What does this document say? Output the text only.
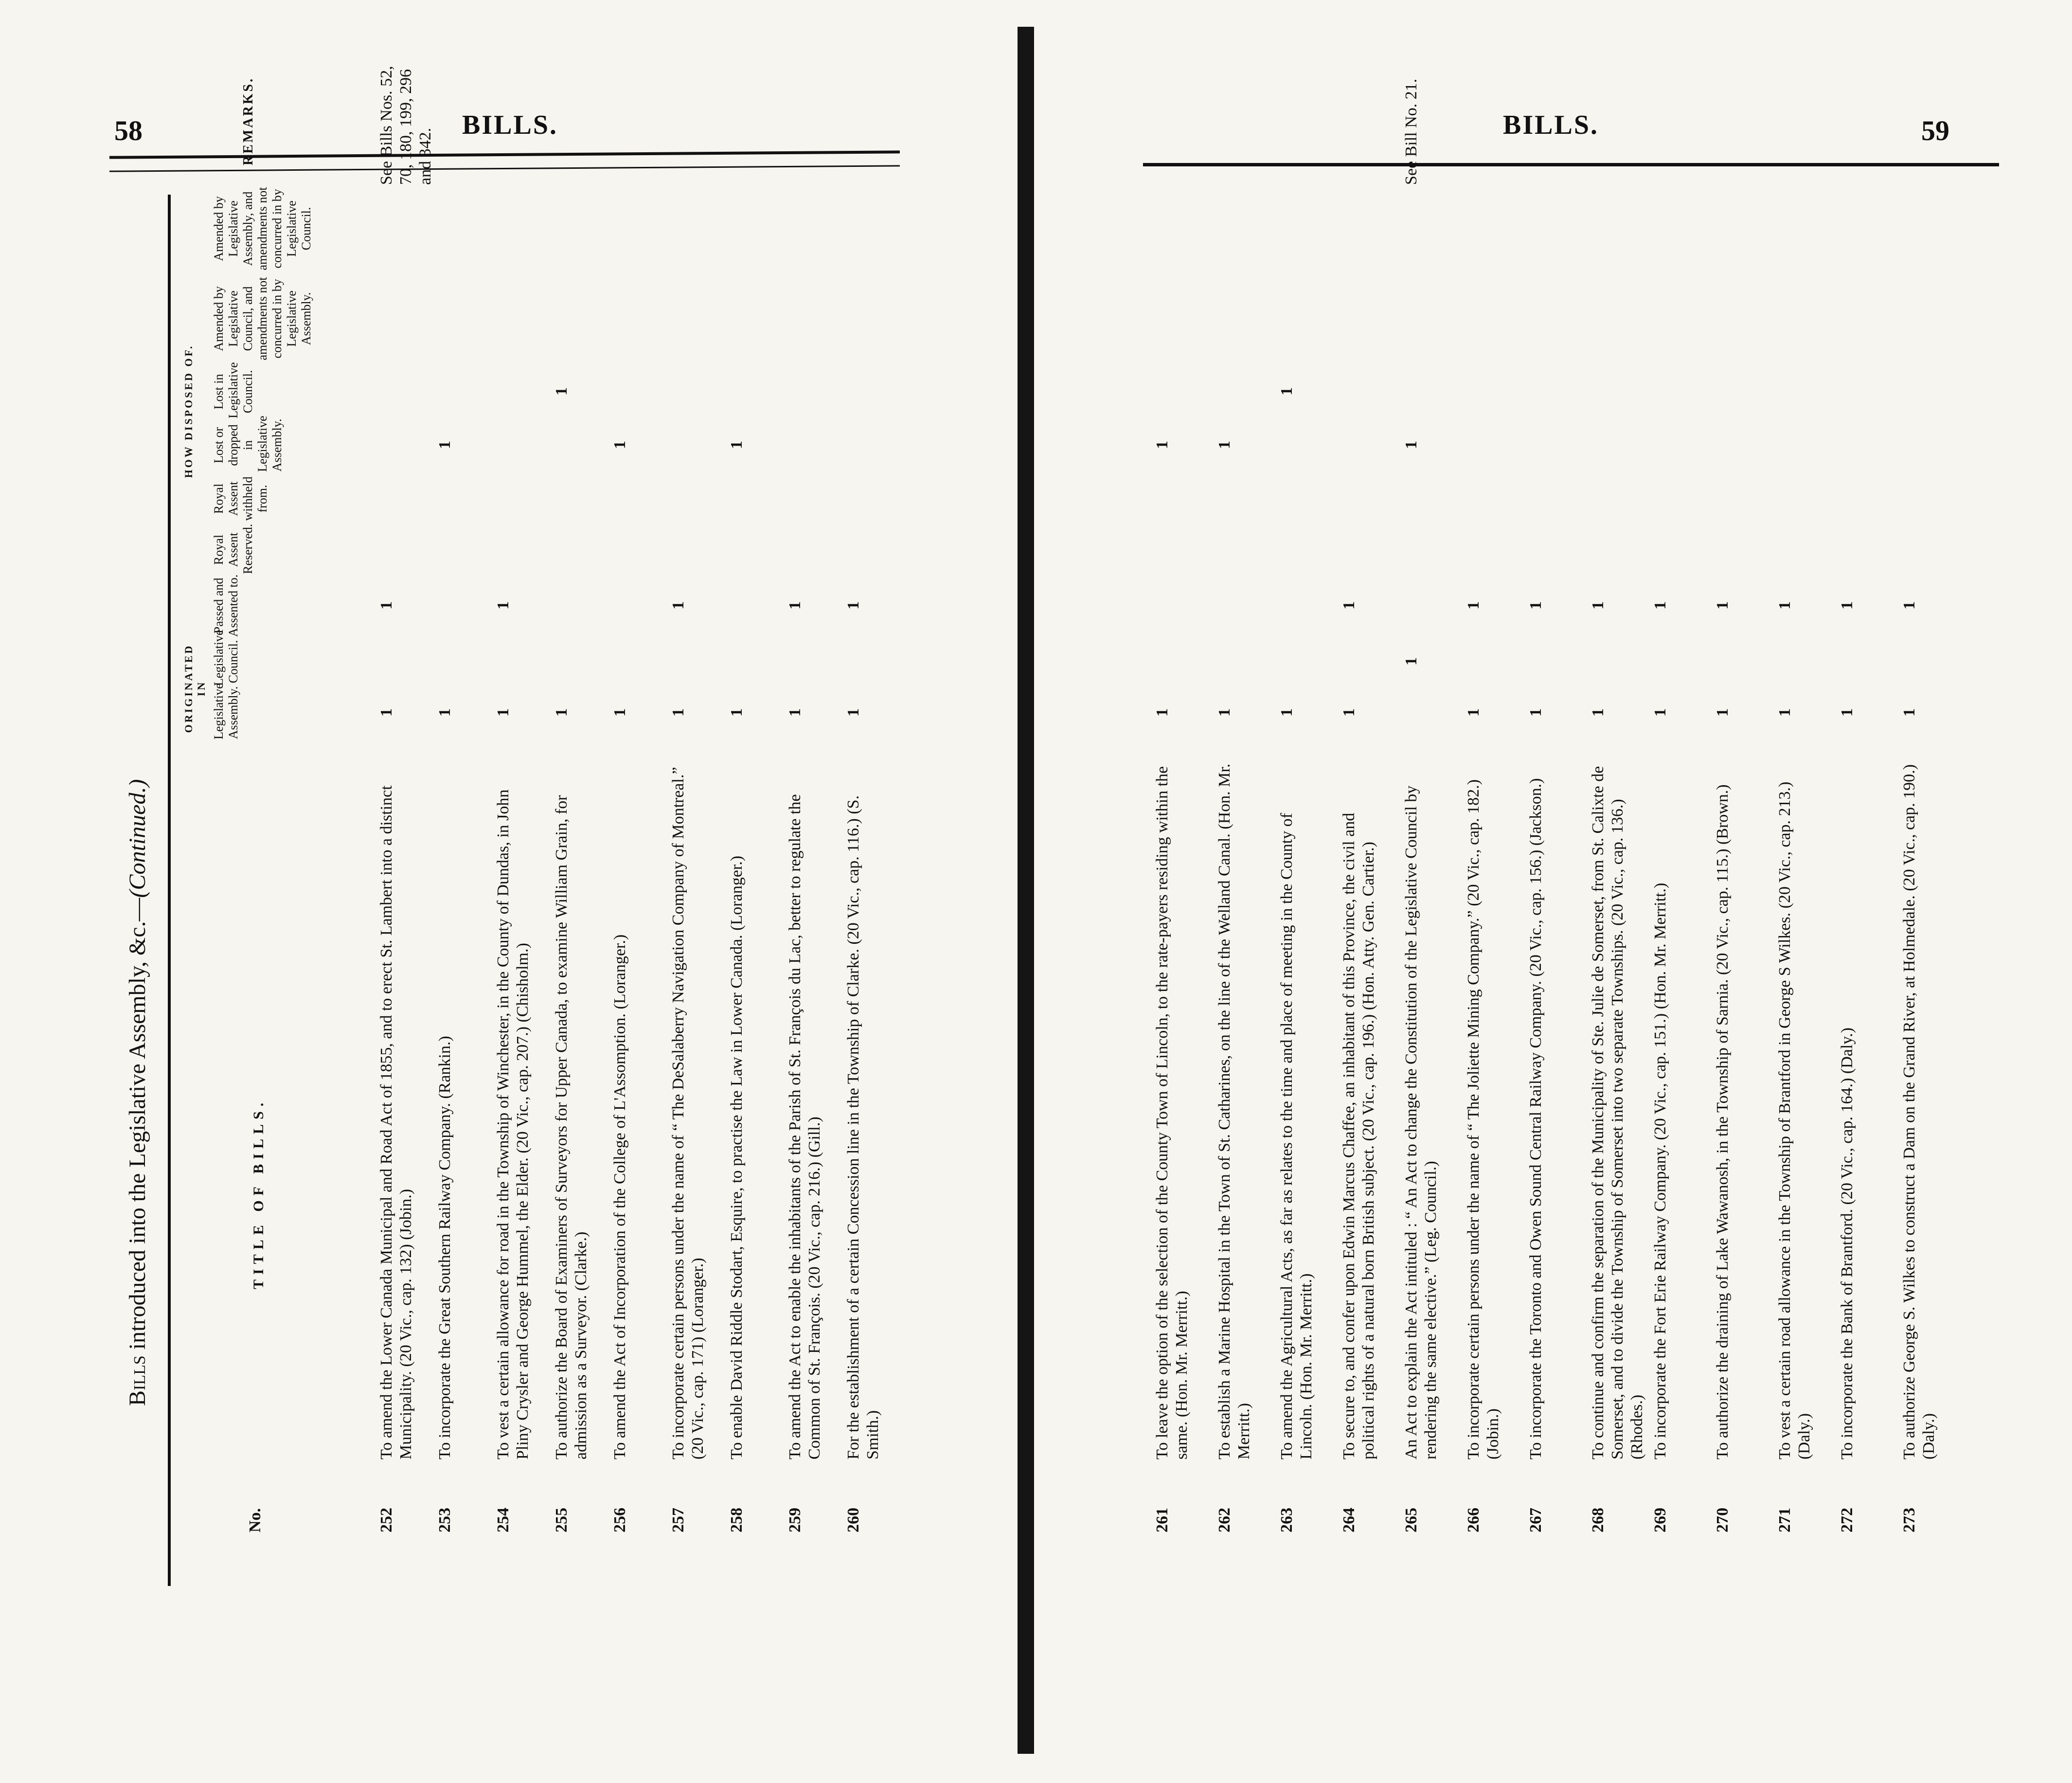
58	BILLS.
Bills introduced into the Legislative Assembly, &c.—(Continued.)
No.
TITLE OF BILLS.
ORIGINATED IN
HOW DISPOSED OF.
Legislative Assembly.
Legislative Council.
Passed and Assented to.
Royal Assent Reserved.
Royal Assent withheld from.
Lost or dropped in Legislative Assembly.
Lost in Legislative Council.
Amended by Legislative Council, and amendments not concurred in by Legislative Assembly.
Amended by Legislative Assembly, and amendments not concurred in by Legislative Council.
REMARKS.
252
To amend the Lower Canada Municipal and Road Act of 1855, and to erect St. Lambert into a distinct Municipality. (20 Vic., cap. 132) (Jobin.)
1
1
See Bills Nos. 52, 70, 180, 199, 296 and 342.
253
To incorporate the Great Southern Railway Company. (Rankin.)
1
1
254
To vest a certain allowance for road in the Township of Winchester, in the County of Dundas, in John Pliny Crysler and George Hummel, the Elder. (20 Vic., cap. 207.) (Chisholm.)
1
1
255
To authorize the Board of Examiners of Surveyors for Upper Canada, to examine William Grain, for admission as a Surveyor. (Clarke.)
1
1
256
To amend the Act of Incorporation of the College of L'Assomption. (Loranger.)
1
1
257
To incorporate certain persons under the name of “ The DeSalaberry Navigation Company of Montreal.” (20 Vic., cap. 171) (Loranger.)
1
1
258
To enable David Riddle Stodart, Esquire, to practise the Law in Lower Canada. (Loranger.)
1
1
259
To amend the Act to enable the inhabitants of the Parish of St. François du Lac, better to regulate the Common of St. François. (20 Vic., cap. 216.) (Gill.)
1
1
260
For the establishment of a certain Concession line in the Township of Clarke. (20 Vic., cap. 116.) (S. Smith.)
1
1
BILLS.	59
261
To leave the option of the selection of the County Town of Lincoln, to the rate-payers residing within the same. (Hon. Mr. Merritt.)
1
1
262
To establish a Marine Hospital in the Town of St. Catharines, on the line of the Welland Canal. (Hon. Mr. Merritt.)
1
1
263
To amend the Agricultural Acts, as far as relates to the time and place of meeting in the County of Lincoln. (Hon. Mr. Merritt.)
1
1
264
To secure to, and confer upon Edwin Marcus Chaffee, an inhabitant of this Province, the civil and political rights of a natural born British subject. (20 Vic., cap. 196.) (Hon. Atty. Gen. Cartier.)
1
1
265
An Act to explain the Act intituled : “ An Act to change the Constitution of the Legislative Council by rendering the same elective.” (Leg. Council.)
1
1
See Bill No. 21.
266
To incorporate certain persons under the name of “ The Joliette Mining Company.” (20 Vic., cap. 182.) (Jobin.)
1
1
267
To incorporate the Toronto and Owen Sound Central Railway Company. (20 Vic., cap. 156.) (Jackson.)
1
1
268
To continue and confirm the separation of the Municipality of Ste. Julie de Somerset, from St. Calixte de Somerset, and to divide the Township of Somerset into two separate Townships. (20 Vic., cap. 136.) (Rhodes.)
1
1
269
To incorporate the Fort Erie Railway Company. (20 Vic., cap. 151.) (Hon. Mr. Merritt.)
1
1
270
To authorize the draining of Lake Wawanosh, in the Township of Sarnia. (20 Vic., cap. 115.) (Brown.)
1
1
271
To vest a certain road allowance in the Township of Brantford in George S Wilkes. (20 Vic., cap. 213.) (Daly.)
1
1
272
To incorporate the Bank of Brantford. (20 Vic., cap. 164.) (Daly.)
1
1
273
To authorize George S. Wilkes to construct a Dam on the Grand River, at Holmedale. (20 Vic., cap. 190.) (Daly.)
1
1
